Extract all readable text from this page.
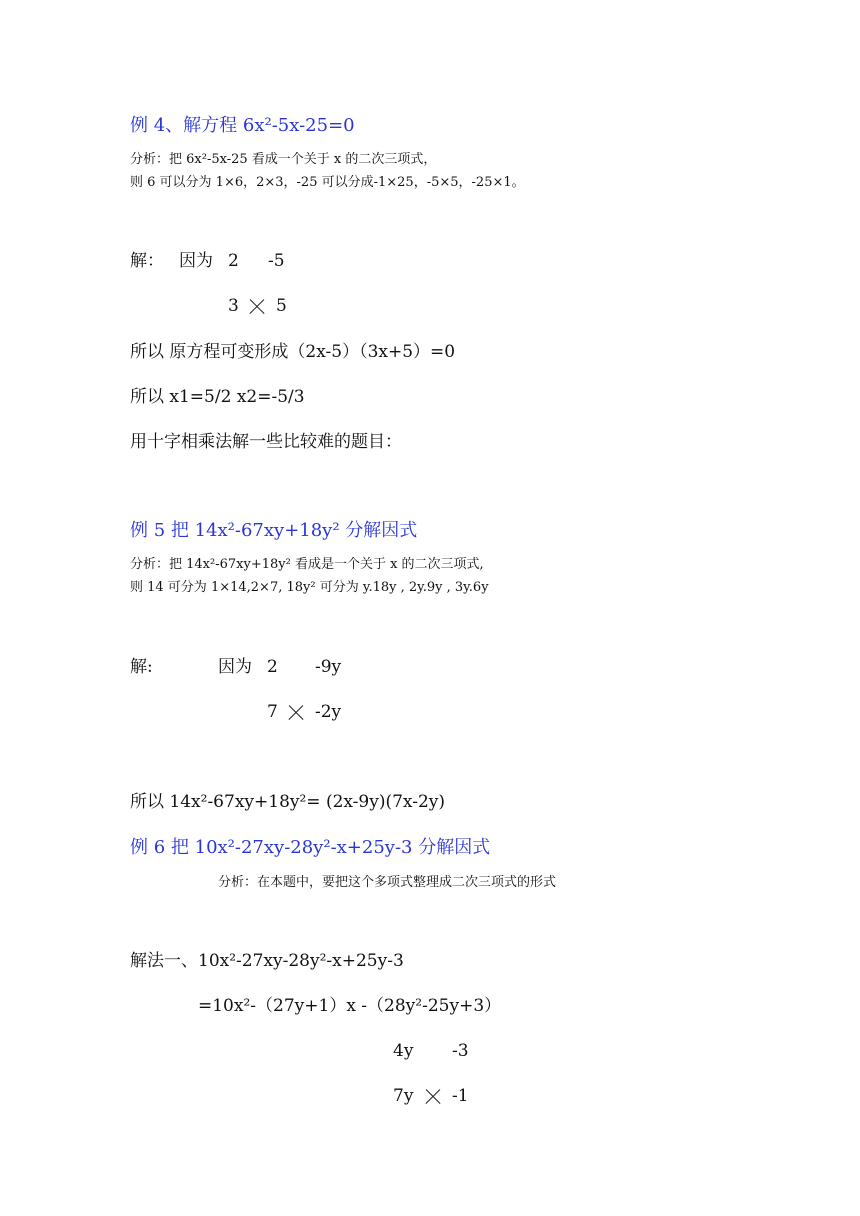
例 4、解方程 6x²-5x-25=0
分析：把 6x²-5x-25 看成一个关于 x 的二次三项式，
则 6 可以分为 1×6，2×3，-25 可以分成-1×25，-5×5，-25×1。
解： 因为 2 -5
3 5
所以 原方程可变形成（2x-5）（3x+5）=0
所以 x1=5/2 x2=-5/3
用十字相乘法解一些比较难的题目：
例 5 把 14x²-67xy+18y² 分解因式
分析：把 14x²-67xy+18y² 看成是一个关于 x 的二次三项式,
则 14 可分为 1×14,2×7, 18y² 可分为 y.18y , 2y.9y , 3y.6y
解:	因为 2 -9y
7 -2y
所以 14x²-67xy+18y²= (2x-9y)(7x-2y)
例 6 把 10x²-27xy-28y²-x+25y-3 分解因式
分析：在本题中，要把这个多项式整理成二次三项式的形式
解法一、10x²-27xy-28y²-x+25y-3
=10x²-（27y+1）x -（28y²-25y+3）
4y -3
7y -1
